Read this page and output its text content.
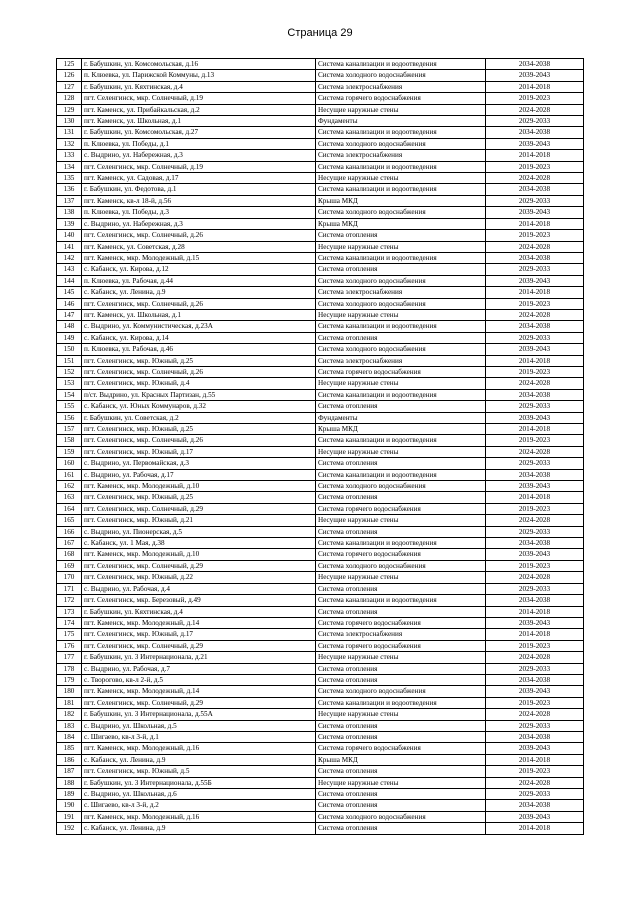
Страница 29
125	г. Бабушкин, ул. Комсомольская, д.16	Система канализации и водоотведения	2034-2038
126	п. Клюевка, ул. Парижской Коммуны, д.13	Система холодного водоснабжения	2039-2043
127	г. Бабушкин, ул. Кяхтинская, д.4	Система электроснабжения	2014-2018
128	пгт. Селенгинск, мкр. Солнечный, д.19	Система горячего водоснабжения	2019-2023
129	пгт. Каменск, ул. Прибайкальская, д.2	Несущие наружные стены	2024-2028
130	пгт. Каменск, ул. Школьная, д.1	Фундаменты	2029-2033
131	г. Бабушкин, ул. Комсомольская, д.27	Система канализации и водоотведения	2034-2038
132	п. Клюевка, ул. Победы, д.1	Система холодного водоснабжения	2039-2043
133	с. Выдрино, ул. Набережная, д.3	Система электроснабжения	2014-2018
134	пгт. Селенгинск, мкр. Солнечный, д.19	Система канализации и водоотведения	2019-2023
135	пгт. Каменск, ул. Садовая, д.17	Несущие наружные стены	2024-2028
136	г. Бабушкин, ул. Федотова, д.1	Система канализации и водоотведения	2034-2038
137	пгт. Каменск, кв-л 18-й, д.56	Крыша МКД	2029-2033
138	п. Клюевка, ул. Победы, д.3	Система холодного водоснабжения	2039-2043
139	с. Выдрино, ул. Набережная, д.3	Крыша МКД	2014-2018
140	пгт. Селенгинск, мкр. Солнечный, д.26	Система отопления	2019-2023
141	пгт. Каменск, ул. Советская, д.28	Несущие наружные стены	2024-2028
142	пгт. Каменск, мкр. Молодежный, д.15	Система канализации и водоотведения	2034-2038
143	с. Кабанск, ул. Кирова, д.12	Система отопления	2029-2033
144	п. Клюевка, ул. Рабочая, д.44	Система холодного водоснабжения	2039-2043
145	с. Кабанск, ул. Ленина, д.9	Система электроснабжения	2014-2018
146	пгт. Селенгинск, мкр. Солнечный, д.26	Система холодного водоснабжения	2019-2023
147	пгт. Каменск, ул. Школьная, д.1	Несущие наружные стены	2024-2028
148	с. Выдрино, ул. Коммунистическая, д.23А	Система канализации и водоотведения	2034-2038
149	с. Кабанск, ул. Кирова, д.14	Система отопления	2029-2033
150	п. Клюевка, ул. Рабочая, д.46	Система холодного водоснабжения	2039-2043
151	пгт. Селенгинск, мкр. Южный, д.25	Система электроснабжения	2014-2018
152	пгт. Селенгинск, мкр. Солнечный, д.26	Система горячего водоснабжения	2019-2023
153	пгт. Селенгинск, мкр. Южный, д.4	Несущие наружные стены	2024-2028
154	п/ст. Выдрино, ул. Красных Партизан, д.55	Система канализации и водоотведения	2034-2038
155	с. Кабанск, ул. Юных Коммунаров, д.32	Система отопления	2029-2033
156	г. Бабушкин, ул. Советская, д.2	Фундаменты	2039-2043
157	пгт. Селенгинск, мкр. Южный, д.25	Крыша МКД	2014-2018
158	пгт. Селенгинск, мкр. Солнечный, д.26	Система канализации и водоотведения	2019-2023
159	пгт. Селенгинск, мкр. Южный, д.17	Несущие наружные стены	2024-2028
160	с. Выдрино, ул. Первомайская, д.3	Система отопления	2029-2033
161	с. Выдрино, ул. Рабочая, д.17	Система канализации и водоотведения	2034-2038
162	пгт. Каменск, мкр. Молодежный, д.10	Система холодного водоснабжения	2039-2043
163	пгт. Селенгинск, мкр. Южный, д.25	Система отопления	2014-2018
164	пгт. Селенгинск, мкр. Солнечный, д.29	Система горячего водоснабжения	2019-2023
165	пгт. Селенгинск, мкр. Южный, д.21	Несущие наружные стены	2024-2028
166	с. Выдрино, ул. Пионерская, д.5	Система отопления	2029-2033
167	с. Кабанск, ул. 1 Мая, д.38	Система канализации и водоотведения	2034-2038
168	пгт. Каменск, мкр. Молодежный, д.10	Система горячего водоснабжения	2039-2043
169	пгт. Селенгинск, мкр. Солнечный, д.29	Система холодного водоснабжения	2019-2023
170	пгт. Селенгинск, мкр. Южный, д.22	Несущие наружные стены	2024-2028
171	с. Выдрино, ул. Рабочая, д.4	Система отопления	2029-2033
172	пгт. Селенгинск, мкр. Березовый, д.49	Система канализации и водоотведения	2034-2038
173	г. Бабушкин, ул. Кяхтинская, д.4	Система отопления	2014-2018
174	пгт. Каменск, мкр. Молодежный, д.14	Система горячего водоснабжения	2039-2043
175	пгт. Селенгинск, мкр. Южный, д.17	Система электроснабжения	2014-2018
176	пгт. Селенгинск, мкр. Солнечный, д.29	Система горячего водоснабжения	2019-2023
177	г. Бабушкин, ул. 3 Интернационала, д.21	Несущие наружные стены	2024-2028
178	с. Выдрино, ул. Рабочая, д.7	Система отопления	2029-2033
179	с. Творогово, кв-л 2-й, д.5	Система отопления	2034-2038
180	пгт. Каменск, мкр. Молодежный, д.14	Система холодного водоснабжения	2039-2043
181	пгт. Селенгинск, мкр. Солнечный, д.29	Система канализации и водоотведения	2019-2023
182	г. Бабушкин, ул. 3 Интернационала, д.55А	Несущие наружные стены	2024-2028
183	с. Выдрино, ул. Школьная, д.5	Система отопления	2029-2033
184	с. Шигаево, кв-л 3-й, д.1	Система отопления	2034-2038
185	пгт. Каменск, мкр. Молодежный, д.16	Система горячего водоснабжения	2039-2043
186	с. Кабанск, ул. Ленина, д.9	Крыша МКД	2014-2018
187	пгт. Селенгинск, мкр. Южный, д.5	Система отопления	2019-2023
188	г. Бабушкин, ул. 3 Интернационала, д.55Б	Несущие наружные стены	2024-2028
189	с. Выдрино, ул. Школьная, д.6	Система отопления	2029-2033
190	с. Шигаево, кв-л 3-й, д.2	Система отопления	2034-2038
191	пгт. Каменск, мкр. Молодежный, д.16	Система холодного водоснабжения	2039-2043
192	с. Кабанск, ул. Ленина, д.9	Система отопления	2014-2018
